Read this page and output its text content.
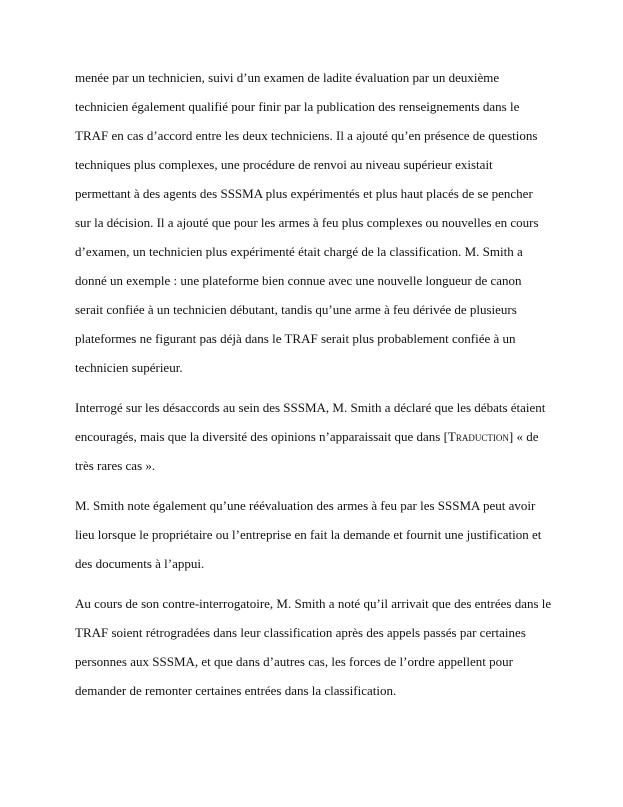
menée par un technicien, suivi d’un examen de ladite évaluation par un deuxième
technicien également qualifié pour finir par la publication des renseignements dans le
TRAF en cas d’accord entre les deux techniciens. Il a ajouté qu’en présence de questions
techniques plus complexes, une procédure de renvoi au niveau supérieur existait
permettant à des agents des SSSMA plus expérimentés et plus haut placés de se pencher
sur la décision. Il a ajouté que pour les armes à feu plus complexes ou nouvelles en cours
d’examen, un technicien plus expérimenté était chargé de la classification. M. Smith a
donné un exemple : une plateforme bien connue avec une nouvelle longueur de canon
serait confiée à un technicien débutant, tandis qu’une arme à feu dérivée de plusieurs
plateformes ne figurant pas déjà dans le TRAF serait plus probablement confiée à un
technicien supérieur.

Interrogé sur les désaccords au sein des SSSMA, M. Smith a déclaré que les débats étaient
encouragés, mais que la diversité des opinions n’apparaissait que dans [Traduction] « de
très rares cas ».

M. Smith note également qu’une réévaluation des armes à feu par les SSSMA peut avoir
lieu lorsque le propriétaire ou l’entreprise en fait la demande et fournit une justification et
des documents à l’appui.

Au cours de son contre-interrogatoire, M. Smith a noté qu’il arrivait que des entrées dans le
TRAF soient rétrogradées dans leur classification après des appels passés par certaines
personnes aux SSSMA, et que dans d’autres cas, les forces de l’ordre appellent pour
demander de remonter certaines entrées dans la classification.
